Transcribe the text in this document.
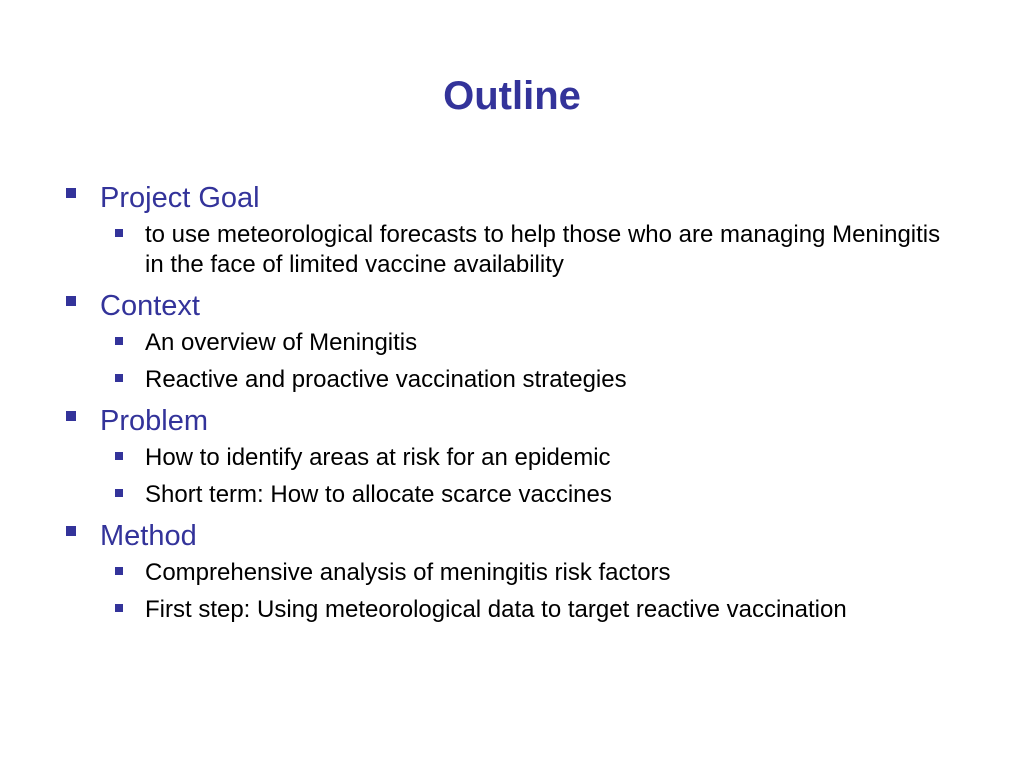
Outline
Project Goal
to use meteorological forecasts to help those who are managing Meningitis in the face of limited vaccine availability
Context
An overview of Meningitis
Reactive and proactive vaccination strategies
Problem
How to identify areas at risk for an epidemic
Short term: How to allocate scarce vaccines
Method
Comprehensive analysis of meningitis risk factors
First step: Using meteorological data to target reactive vaccination
